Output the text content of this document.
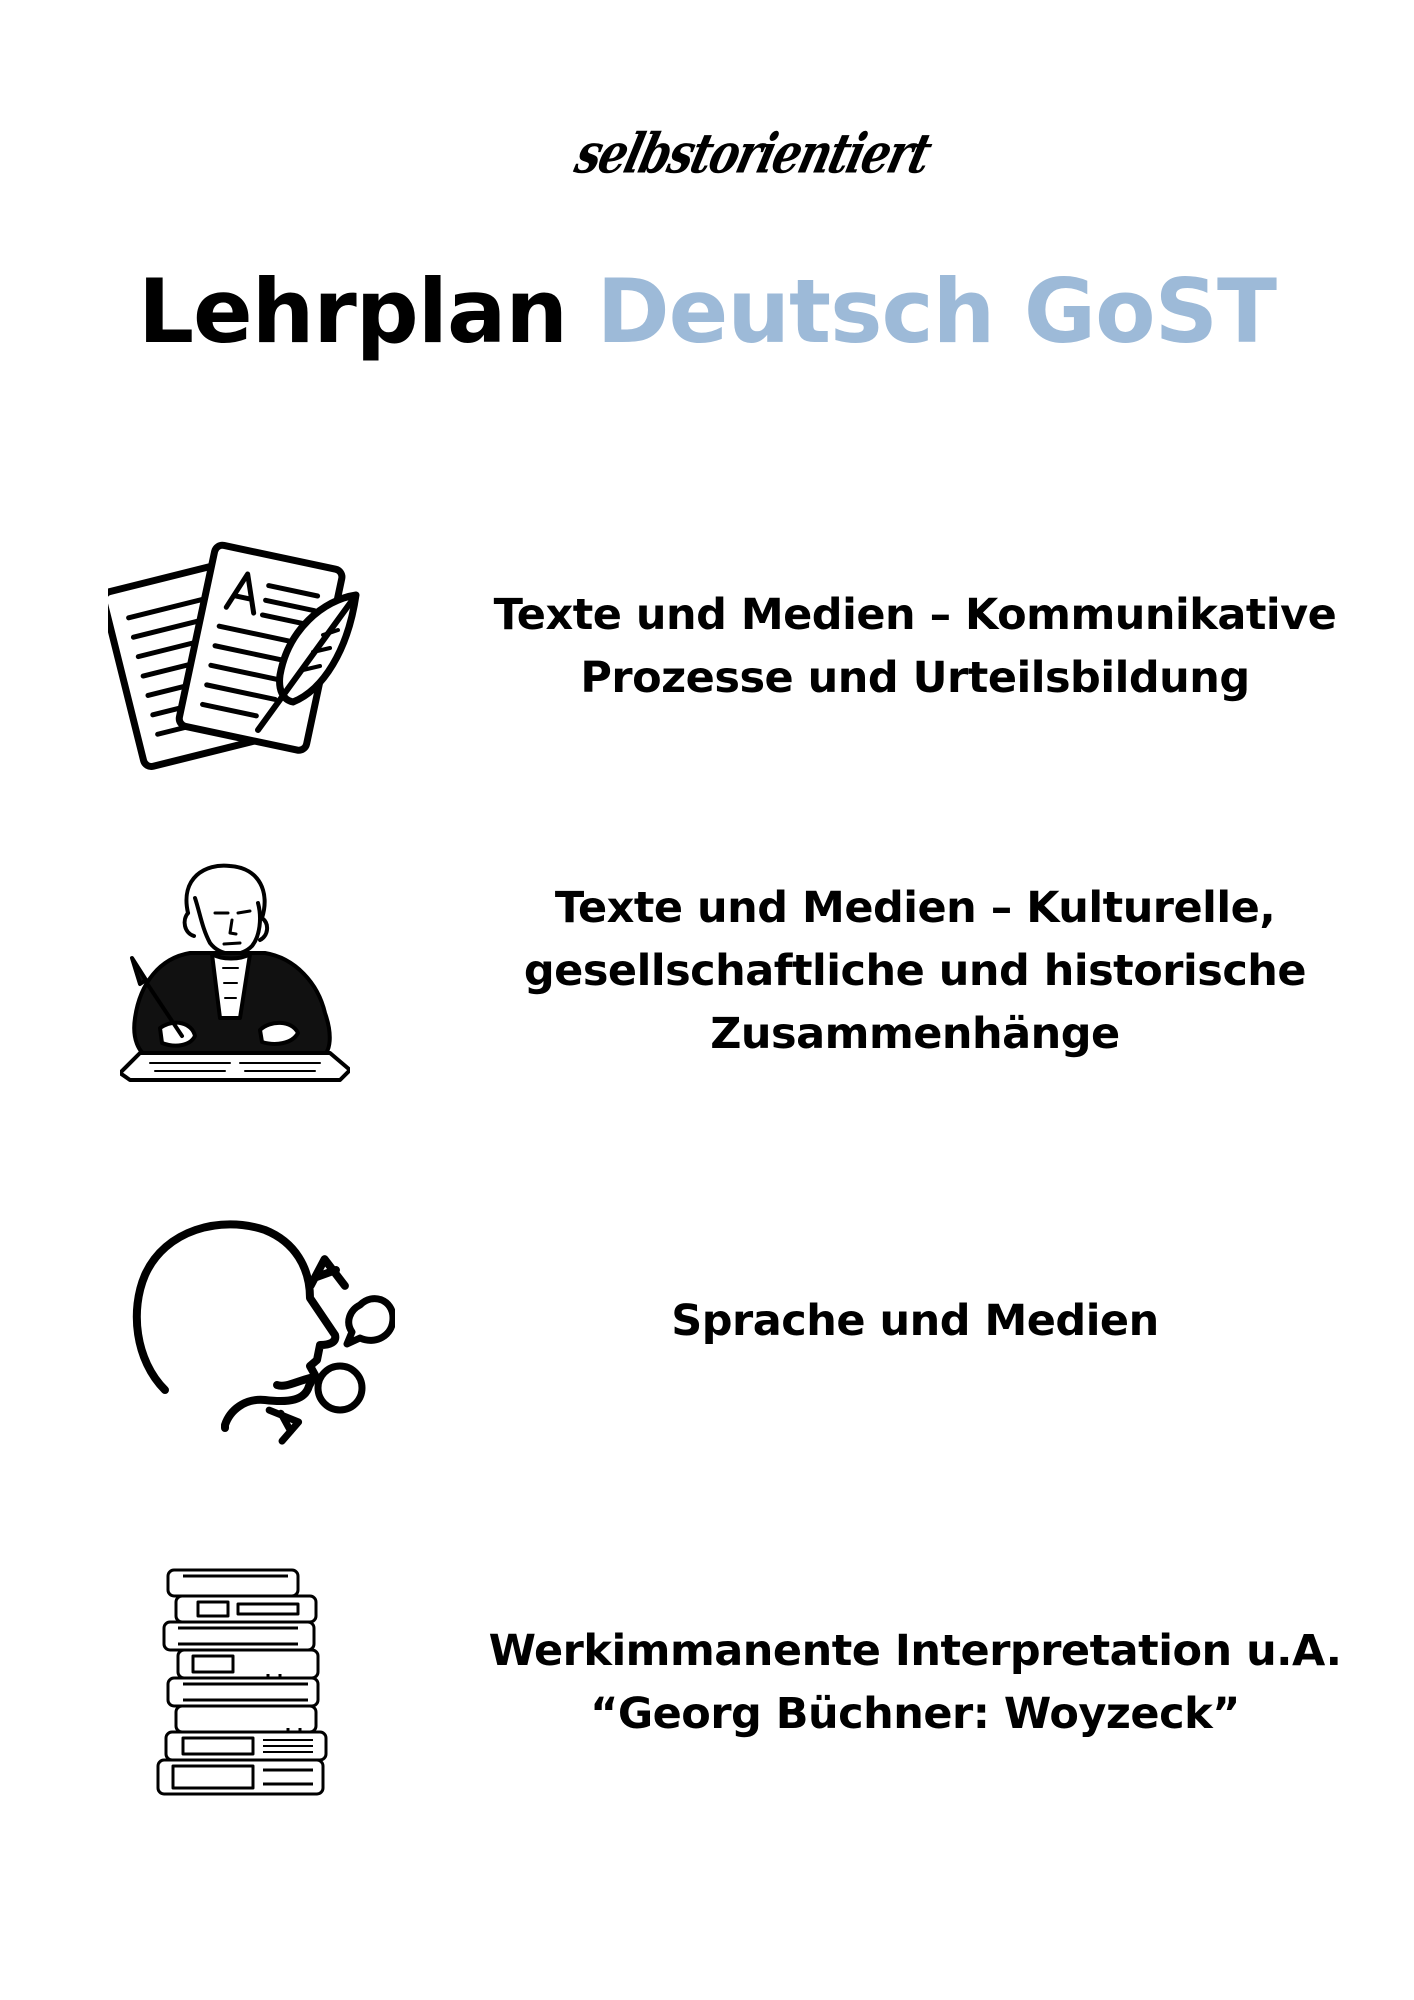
selbstorientiert
Lehrplan Deutsch GoST
Texte und Medien – Kommunikative
Prozesse und Urteilsbildung
Texte und Medien – Kulturelle,
gesellschaftliche und historische
Zusammenhänge
Sprache und Medien
Werkimmanente Interpretation u.A.
“Georg Büchner: Woyzeck”
